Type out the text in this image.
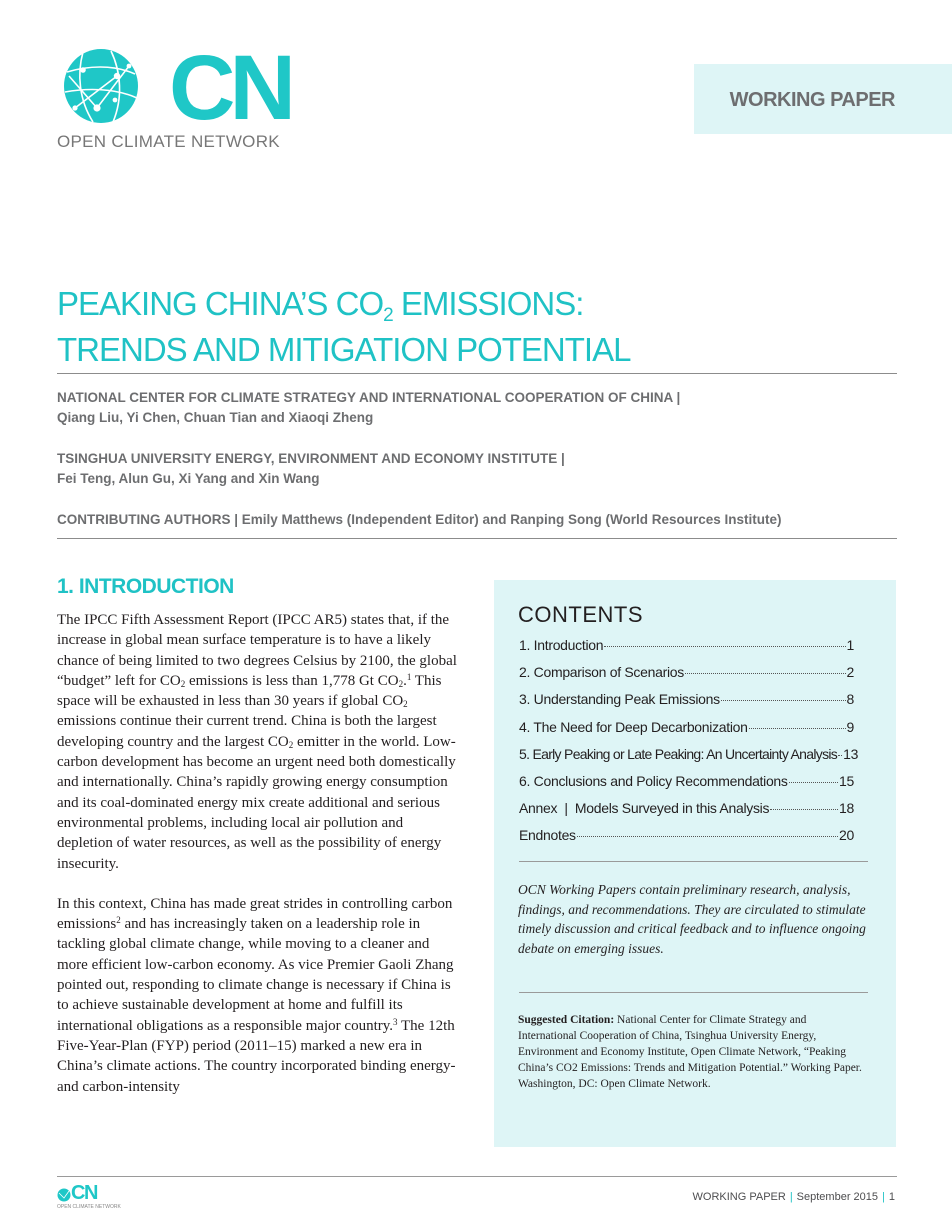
CN
OPEN CLIMATE NETWORK
WORKING PAPER
PEAKING CHINA’S $CO_2$ EMISSIONS:
TRENDS AND MITIGATION POTENTIAL
NATIONAL CENTER FOR CLIMATE STRATEGY AND INTERNATIONAL COOPERATION OF CHINA |
Qiang Liu, Yi Chen, Chuan Tian and Xiaoqi Zheng
TSINGHUA UNIVERSITY ENERGY, ENVIRONMENT AND ECONOMY INSTITUTE |
Fei Teng, Alun Gu, Xi Yang and Xin Wang
CONTRIBUTING AUTHORS | Emily Matthews (Independent Editor) and Ranping Song (World Resources Institute)
1. INTRODUCTION

The IPCC Fifth Assessment Report (IPCC AR5) states that, if the increase in global mean surface temperature is to have a likely chance of being limited to two degrees Celsius by 2100, the global “budget” left for $CO_2$ emissions is less than 1,778 Gt $CO_2.^1$ This space will be exhausted in less than 30 years if global $CO_2$ emissions continue their current trend. China is both the largest developing country and the largest $CO_2$ emitter in the world. Low-carbon development has become an urgent need both domestically and internationally. China’s rapidly growing energy consumption and its coal-dominated energy mix create additional and serious environmental problems, including local air pollution and depletion of water resources, as well as the possibility of energy insecurity.

In this context, China has made great strides in controlling carbon emissions$^2$ and has increasingly taken on a leadership role in tackling global climate change, while moving to a cleaner and more efficient low-carbon economy. As vice Premier Gaoli Zhang pointed out, responding to climate change is necessary if China is to achieve sustainable development at home and fulfill its international obligations as a responsible major country.$^3$ The 12th Five-Year-Plan (FYP) period (2011–15) marked a new era in China’s climate actions. The country incorporated binding energy- and carbon-intensity

CONTENTS
1. Introduction	1
2. Comparison of Scenarios	2
3. Understanding Peak Emissions	8
4. The Need for Deep Decarbonization	9
5. Early Peaking or Late Peaking: An Uncertainty Analysis 13
6. Conclusions and Policy Recommendations	15
Annex  |  Models Surveyed in this Analysis	18
Endnotes	20
OCN Working Papers contain preliminary research, analysis, findings, and recommendations. They are circulated to stimulate timely discussion and critical feedback and to influence ongoing debate on emerging issues.
Suggested Citation: National Center for Climate Strategy and International Cooperation of China, Tsinghua University Energy, Environment and Economy Institute, Open Climate Network, “Peaking China’s CO2 Emissions: Trends and Mitigation Potential.” Working Paper. Washington, DC: Open Climate Network.
CN
OPEN CLIMATE NETWORK
WORKING PAPER | September 2015 | 1
